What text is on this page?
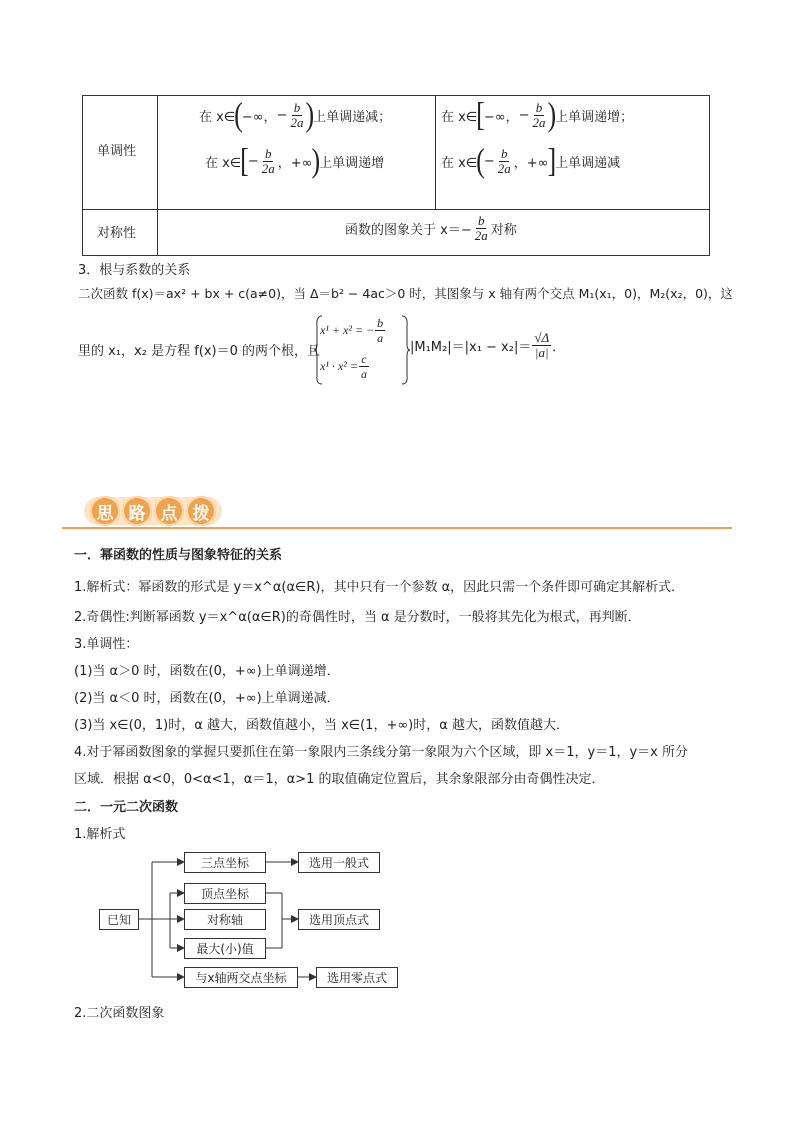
单调性
对称性
在 x∈ ( −∞， − $\frac{b}{2a}$ ) 上单调递减；
在 x∈ [ − $\frac{b}{2a}$ ，+∞ ) 上单调递增
在 x∈ [ −∞， − $\frac{b}{2a}$ ) 上单调递增；
在 x∈ ( − $\frac{b}{2a}$ ，+∞ ] 上单调递减
函数的图象关于 $x=- \frac{b}{2a}$ 对称
3．根与系数的关系
二次函数 f(x)＝ax² + bx + c(a≠0)，当 Δ＝b² − 4ac＞0 时，其图象与 x 轴有两个交点 M₁(x₁，0)，M₂(x₂，0)，这
里的 x₁，x₂ 是方程 f(x)＝0 的两个根，且
x¹ + x² = − $\frac{b}{a}$
$x^1 \cdot x^2 = \frac{c}{a}$
$|M_1M_2|=|x_1 - x_2|= \frac{√\Delta}{|a|}$ ．
思 路 点 拨
一．幂函数的性质与图象特征的关系
1.解析式：幂函数的形式是 y＝x^α(α∈R)，其中只有一个参数 α，因此只需一个条件即可确定其解析式．
2.奇偶性:判断幂函数 y＝x^α(α∈R)的奇偶性时，当 α 是分数时，一般将其先化为根式，再判断．
3.单调性：
(1)当 α＞0 时，函数在(0，+∞)上单调递增．
(2)当 α＜0 时，函数在(0，+∞)上单调递减．
(3)当 x∈(0，1)时，α 越大，函数值越小，当 x∈(1，+∞)时，α 越大，函数值越大．
4.对于幂函数图象的掌握只要抓住在第一象限内三条线分第一象限为六个区域，即 x＝1，y＝1，y＝x 所分
区域．根据 α<0，0<α<1，α＝1，α>1 的取值确定位置后，其余象限部分由奇偶性决定．
二．一元二次函数
1.解析式
已知
三点坐标	选用一般式
顶点坐标
对称轴
最大(小)值
选用顶点式
与x轴两交点坐标	选用零点式
2.二次函数图象
